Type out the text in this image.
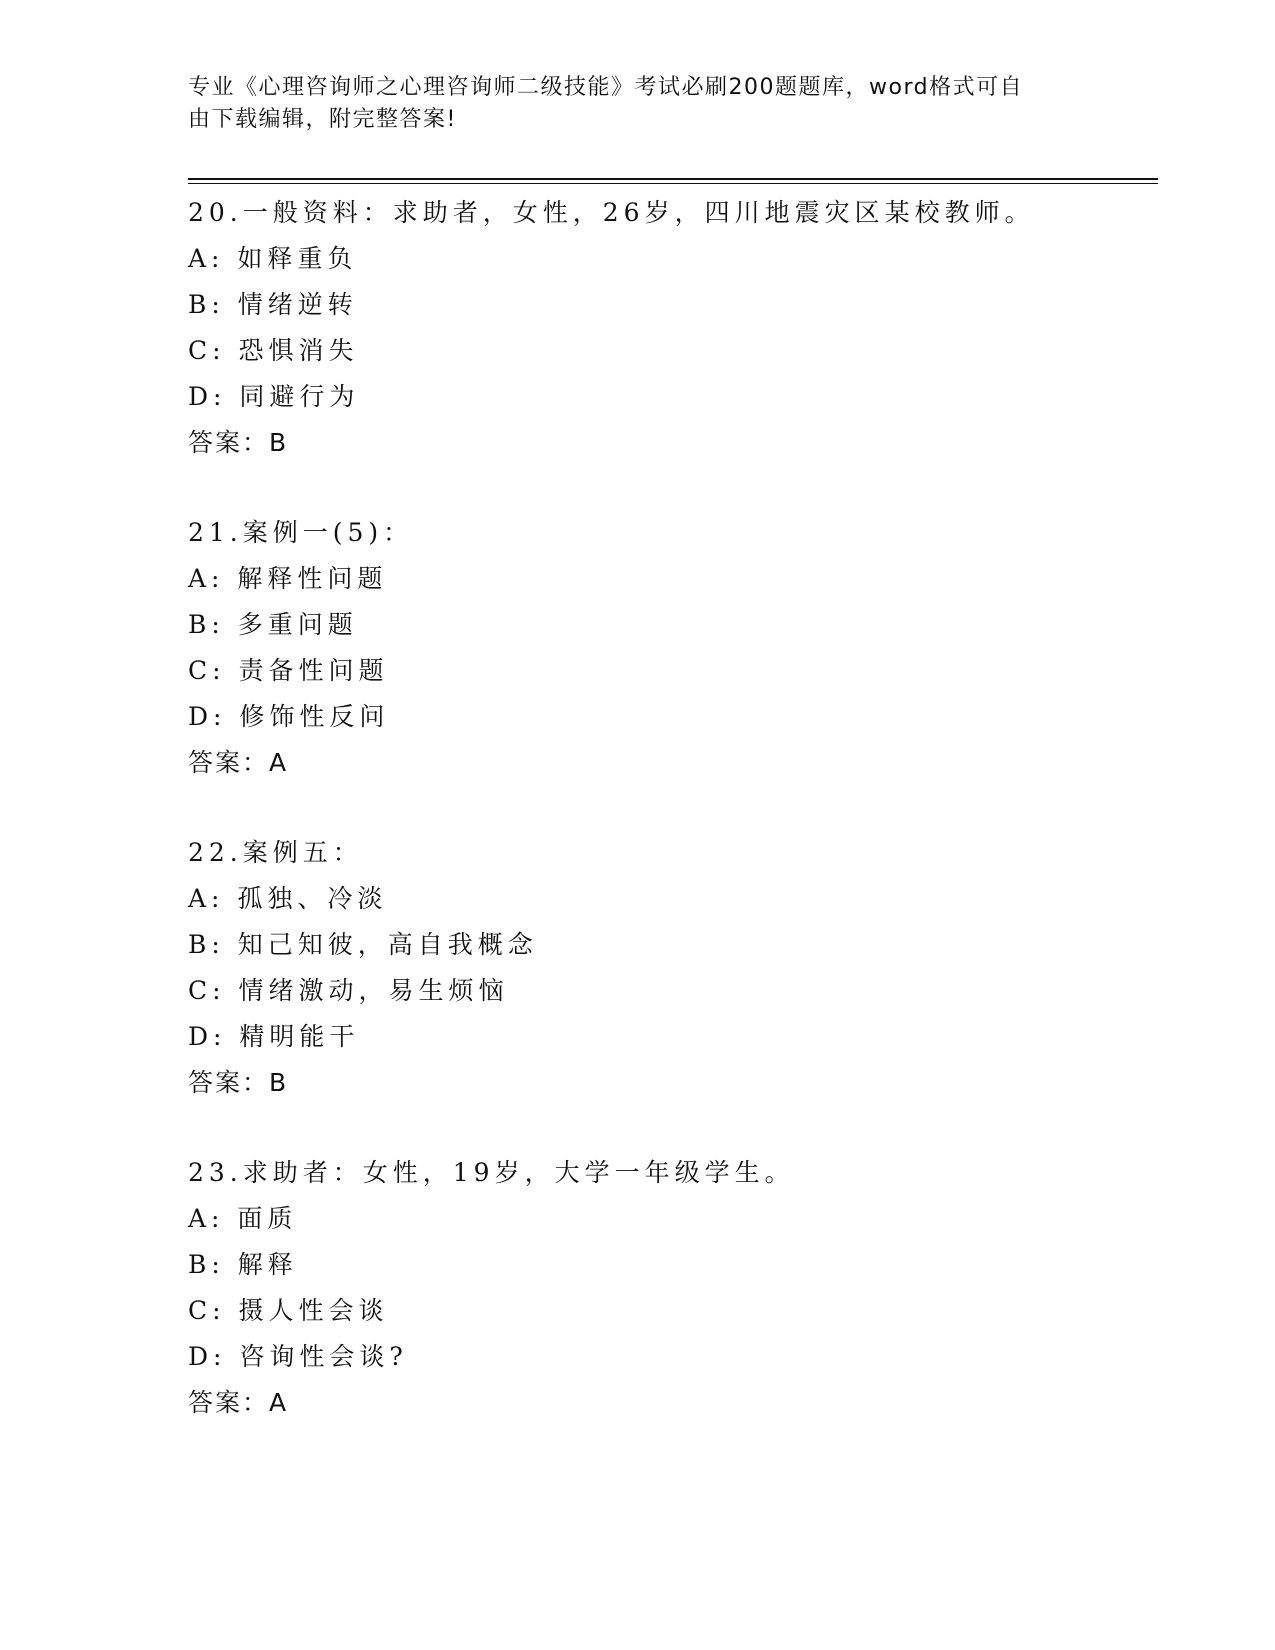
专业《心理咨询师之心理咨询师二级技能》考试必刷200题题库，word格式可自
由下载编辑，附完整答案!
20.一般资料：求助者，女性，26岁，四川地震灾区某校教师。
A: 如释重负
B: 情绪逆转
C: 恐惧消失
D: 同避行为
答案：B
21.案例一(5)：
A: 解释性问题
B: 多重问题
C: 责备性问题
D: 修饰性反问
答案：A
22.案例五：
A: 孤独、冷淡
B: 知己知彼，高自我概念
C: 情绪激动，易生烦恼
D: 精明能干
答案：B
23.求助者：女性，19岁，大学一年级学生。
A: 面质
B: 解释
C: 摄人性会谈
D: 咨询性会谈?
答案：A
